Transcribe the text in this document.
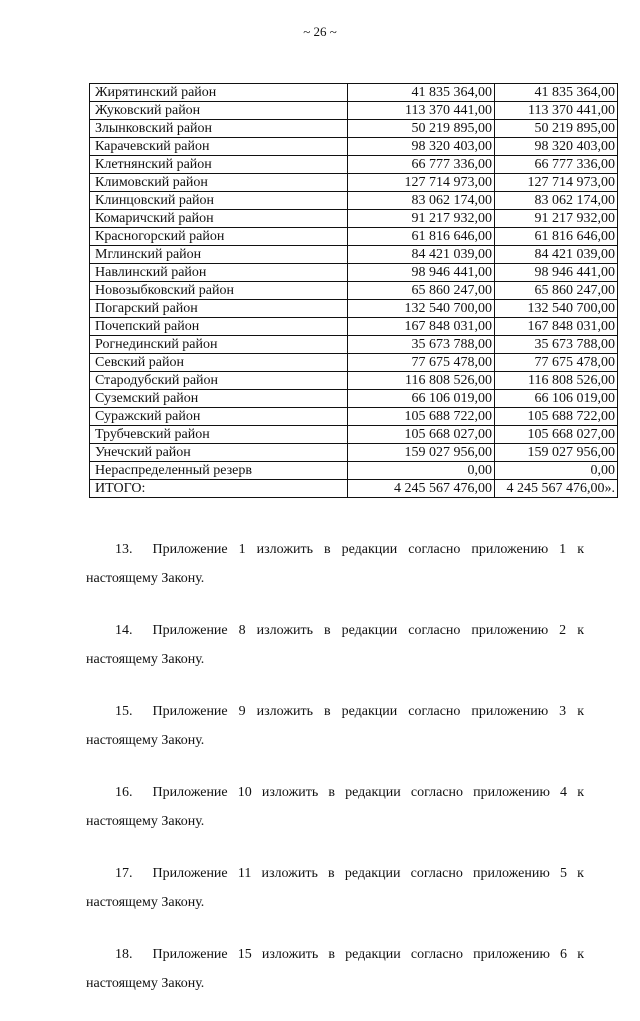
~ 26 ~
Жирятинский район	41 835 364,00	41 835 364,00
Жуковский район	113 370 441,00	113 370 441,00
Злынковский район	50 219 895,00	50 219 895,00
Карачевский район	98 320 403,00	98 320 403,00
Клетнянский район	66 777 336,00	66 777 336,00
Климовский район	127 714 973,00	127 714 973,00
Клинцовский район	83 062 174,00	83 062 174,00
Комаричский район	91 217 932,00	91 217 932,00
Красногорский район	61 816 646,00	61 816 646,00
Мглинский район	84 421 039,00	84 421 039,00
Навлинский район	98 946 441,00	98 946 441,00
Новозыбковский район	65 860 247,00	65 860 247,00
Погарский район	132 540 700,00	132 540 700,00
Почепский район	167 848 031,00	167 848 031,00
Рогнединский район	35 673 788,00	35 673 788,00
Севский район	77 675 478,00	77 675 478,00
Стародубский район	116 808 526,00	116 808 526,00
Суземский район	66 106 019,00	66 106 019,00
Суражский район	105 688 722,00	105 688 722,00
Трубчевский район	105 668 027,00	105 668 027,00
Унечский район	159 027 956,00	159 027 956,00
Нераспределенный резерв	0,00	0,00
ИТОГО:	4 245 567 476,00	4 245 567 476,00».
13. Приложение 1 изложить в редакции согласно приложению 1 к
настоящему Закону.
14. Приложение 8 изложить в редакции согласно приложению 2 к
настоящему Закону.
15. Приложение 9 изложить в редакции согласно приложению 3 к
настоящему Закону.
16. Приложение 10 изложить в редакции согласно приложению 4 к
настоящему Закону.
17. Приложение 11 изложить в редакции согласно приложению 5 к
настоящему Закону.
18. Приложение 15 изложить в редакции согласно приложению 6 к
настоящему Закону.
